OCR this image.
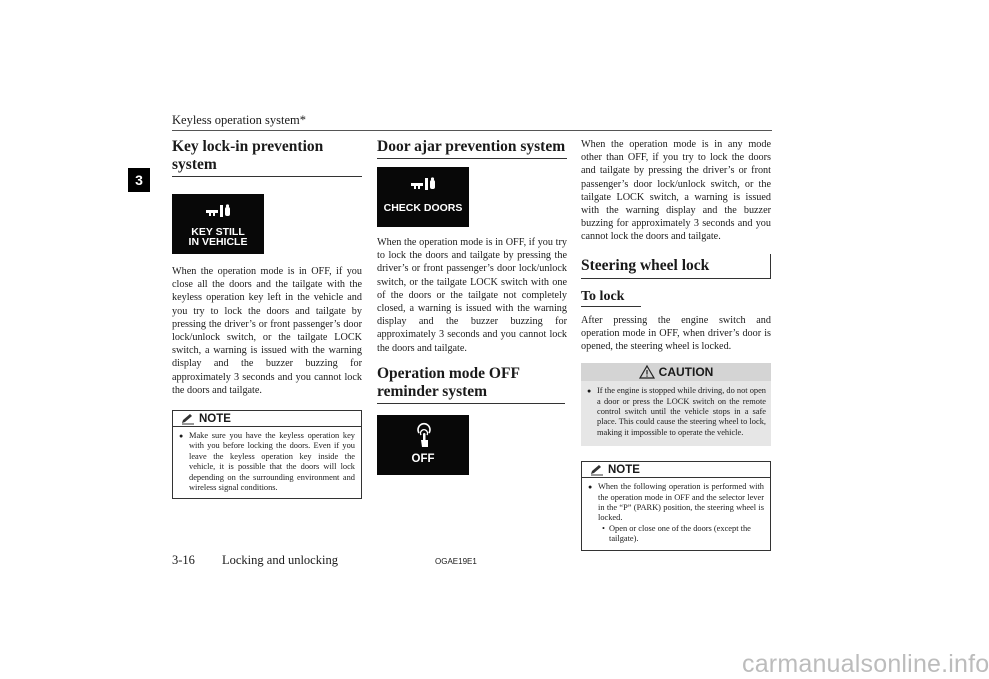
Keyless operation system*
3
Key lock-in prevention system
KEY STILL
IN VEHICLE

When the operation mode is in OFF, if you close all the doors and the tailgate with the keyless operation key left in the vehicle and you try to lock the doors and tailgate by pressing the driver’s or front passenger’s door lock/unlock switch, or the tailgate LOCK switch, a warning is issued with the warning display and the buzzer buzzing for approximately 3 seconds and you cannot lock the doors and tailgate.

NOTE
● Make sure you have the keyless operation key with you before locking the doors. Even if you leave the keyless operation key inside the vehicle, it is possible that the doors will lock depending on the surrounding environment and wireless signal conditions.
Door ajar prevention system
CHECK DOORS

When the operation mode is in OFF, if you try to lock the doors and tailgate by pressing the driver’s or front passenger’s door lock/unlock switch, or the tailgate LOCK switch with one of the doors or the tailgate not completely closed, a warning is issued with the warning display and the buzzer buzzing for approximately 3 seconds and you cannot lock the doors and tailgate.

Operation mode OFF reminder system
OFF

When the operation mode is in any mode other than OFF, if you try to lock the doors and tailgate by pressing the driver’s or front passenger’s door lock/unlock switch, or the tailgate LOCK switch, a warning is issued with the warning display and the buzzer buzzing for approximately 3 seconds and you cannot lock the doors and tailgate.

Steering wheel lock
To lock

After pressing the engine switch and operation mode in OFF, when driver’s door is opened, the steering wheel is locked.

CAUTION
● If the engine is stopped while driving, do not open a door or press the LOCK switch on the remote control switch until the vehicle stops in a safe place. This could cause the steering wheel to lock, making it impossible to operate the vehicle.
NOTE
● When the following operation is performed with the operation mode in OFF and the selector lever in the “P” (PARK) position, the steering wheel is locked.
• Open or close one of the doors (except the tailgate).
3-16 Locking and unlocking	OGAE19E1
carmanualsonline.info
